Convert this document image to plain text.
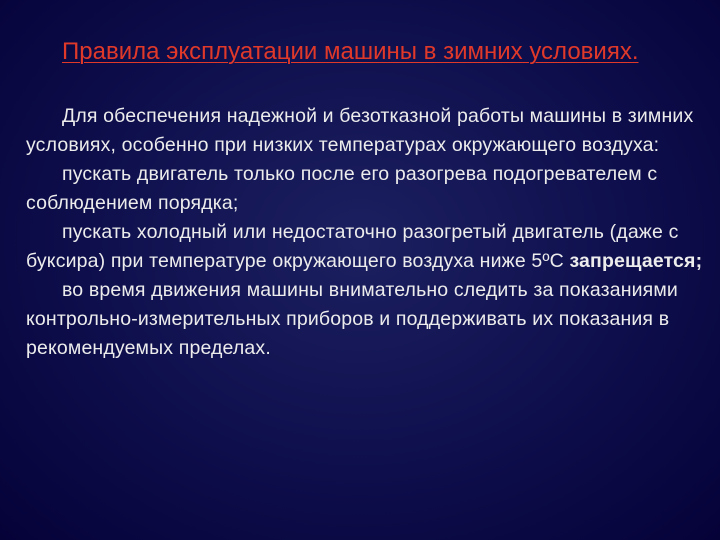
Правила эксплуатации машины в зимних условиях.

Для обеспечения надежной и безотказной работы машины в зимних условиях, особенно при низких температурах окружающего воздуха:

пускать двигатель только после его разогрева подогревателем с соблюдением порядка;

пускать холодный или недостаточно разогретый двигатель (даже с буксира) при температуре окружающего воздуха ниже 5ºС запрещается;

во время движения машины внимательно следить за показаниями контрольно-измерительных приборов и поддерживать их показания в рекомендуемых пределах.
